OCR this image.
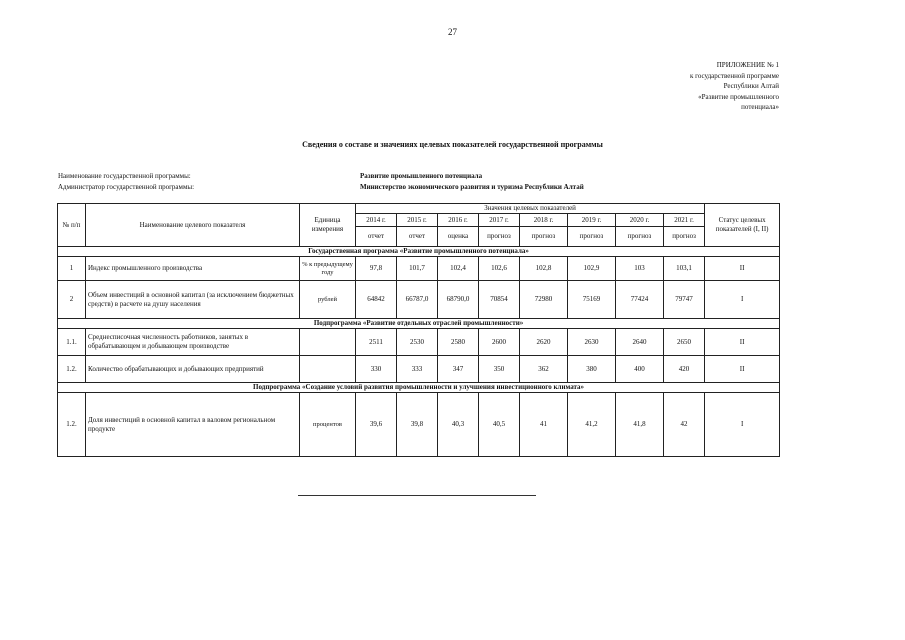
27
ПРИЛОЖЕНИЕ № 1
к государственной программе
Республики Алтай
«Развитие промышленного
потенциала»
Сведения о составе и значениях целевых показателей государственной программы
Наименование государственной программы:	Развитие промышленного потенциала
Администратор государственной программы:	Министерство экономического развития и туризма Республики Алтай
№ п/п	Наименование целевого показателя	Единица измерения	Значения целевых показателей								Статус целевых показателей (I, II)
			2014 г.	2015 г.	2016 г.	2017 г.	2018 г.	2019 г.	2020 г.	2021 г.	
			отчет	отчет	оценка	прогноз	прогноз	прогноз	прогноз	прогноз	
Государственная программа «Развитие промышленного потенциала»											
1	Индекс промышленного производства	% к предыдущему году	97,8	101,7	102,4	102,6	102,8	102,9	103	103,1	II
2	Объем инвестиций в основной капитал (за исключением бюджетных средств) в расчете на душу населения	рублей	64842	66787,0	68790,0	70854	72980	75169	77424	79747	I
Подпрограмма «Развитие отдельных отраслей промышленности»											
1.1.	Среднесписочная численность работников, занятых в обрабатывающем и добывающем производстве		2511	2530	2580	2600	2620	2630	2640	2650	II
1.2.	Количество обрабатывающих и добывающих предприятий		330	333	347	350	362	380	400	420	II
Подпрограмма «Создание условий развития промышленности и улучшения инвестиционного климата»											
1.2.	Доля инвестиций в основной капитал в валовом региональном продукте	процентов	39,6	39,8	40,3	40,5	41	41,2	41,8	42	I
